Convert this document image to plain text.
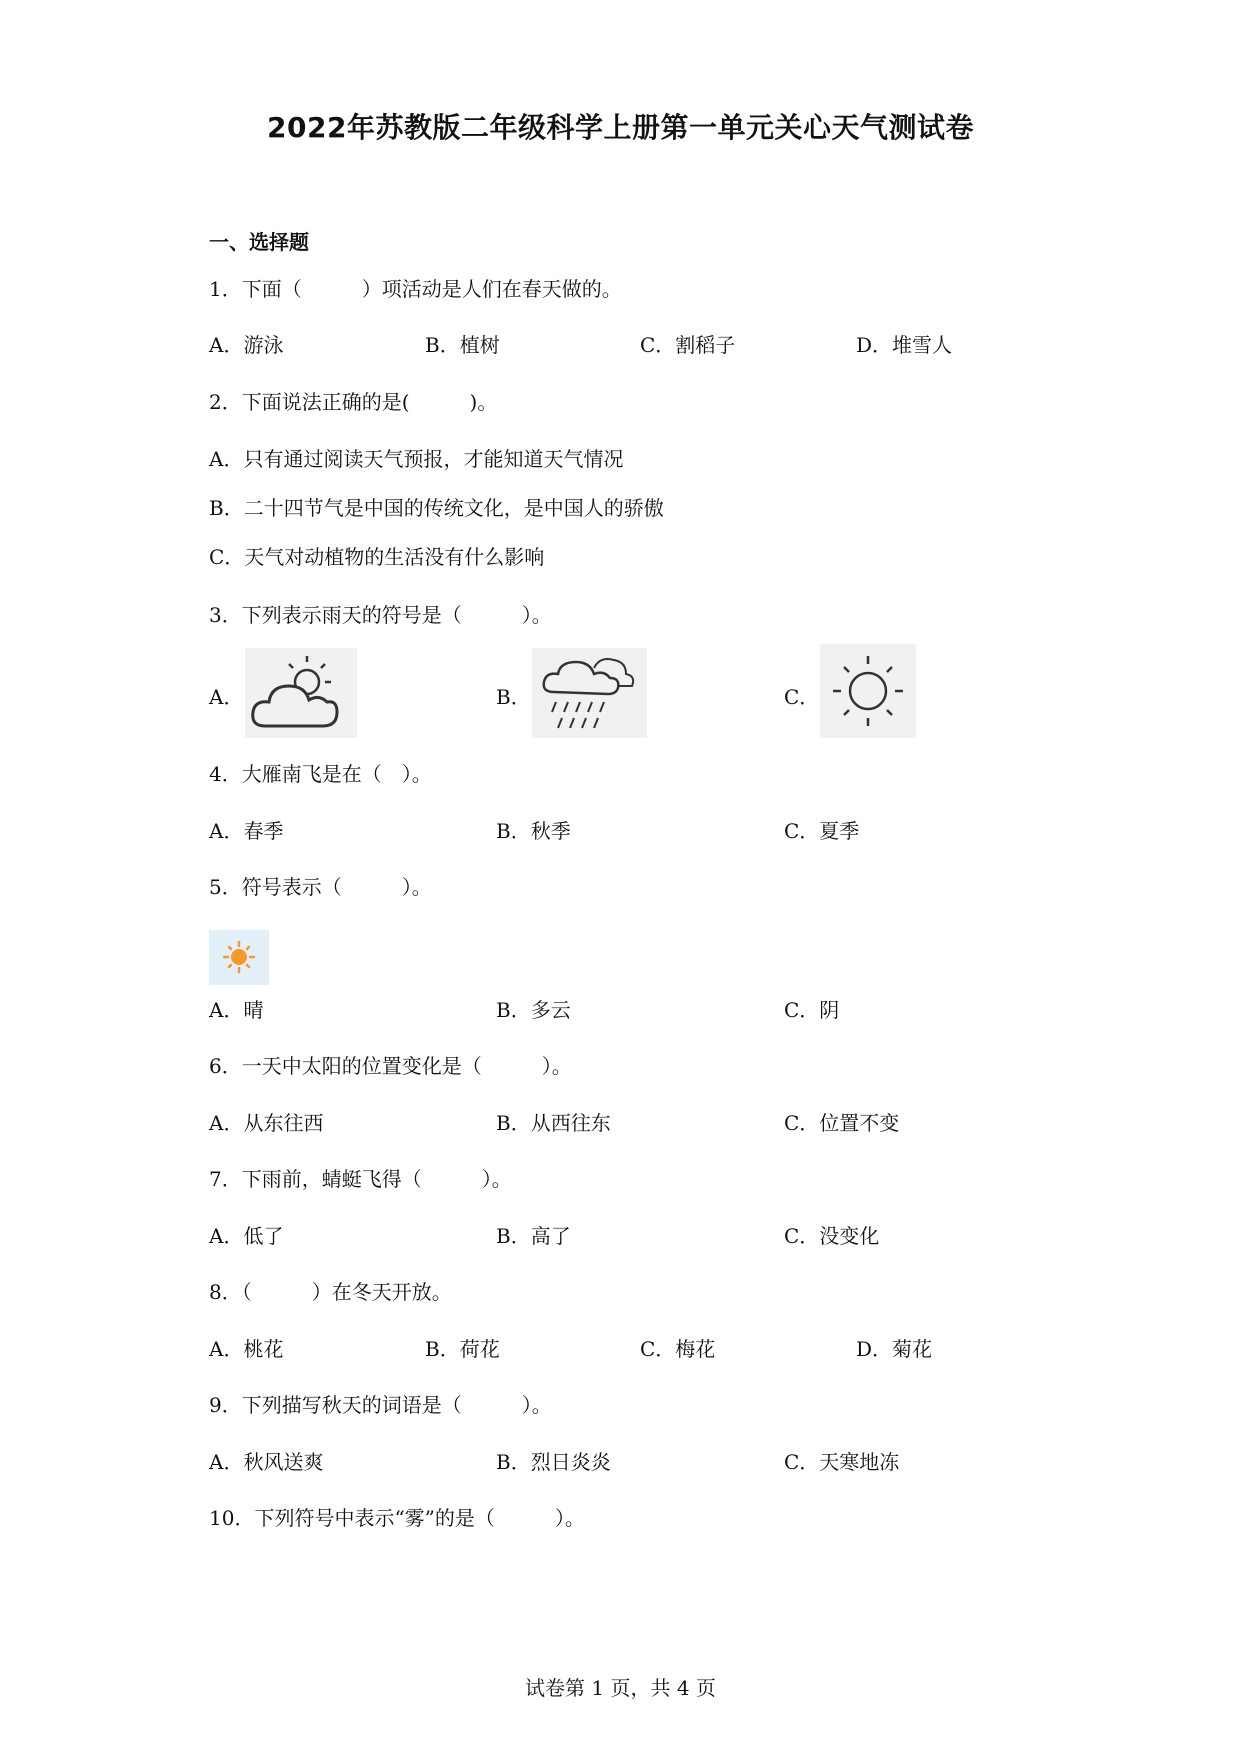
2022年苏教版二年级科学上册第一单元关心天气测试卷
一、选择题
1．下面（　　　）项活动是人们在春天做的。
A．游泳	B．植树	C．割稻子	D．堆雪人
2．下面说法正确的是(　　　)。
A．只有通过阅读天气预报，才能知道天气情况
B．二十四节气是中国的传统文化，是中国人的骄傲
C．天气对动植物的生活没有什么影响
3．下列表示雨天的符号是（　　　）。
A．	B．	C．
4．大雁南飞是在（　）。
A．春季	B．秋季	C．夏季
5．符号表示（　　　）。
A．晴	B．多云	C．阴
6．一天中太阳的位置变化是（　　　）。
A．从东往西	B．从西往东	C．位置不变
7．下雨前，蜻蜓飞得（　　　）。
A．低了	B．高了	C．没变化
8．（　　　）在冬天开放。
A．桃花	B．荷花	C．梅花	D．菊花
9．下列描写秋天的词语是（　　　）。
A．秋风送爽	B．烈日炎炎	C．天寒地冻
10．下列符号中表示“雾”的是（　　　）。
试卷第 1 页，共 4 页
